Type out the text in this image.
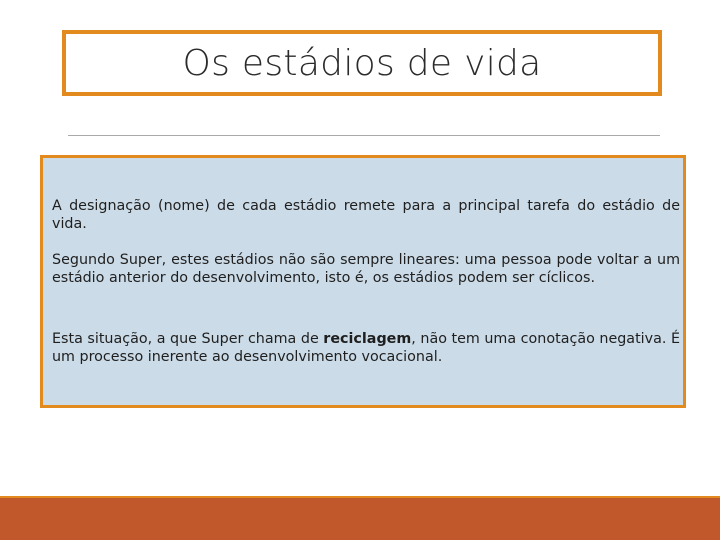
Os estádios de vida

A designação (nome) de cada estádio remete para a principal tarefa do estádio de vida.

Segundo Super, estes estádios não são sempre lineares: uma pessoa pode voltar a um estádio anterior do desenvolvimento, isto é, os estádios podem ser cíclicos.

Esta situação, a que Super chama de reciclagem, não tem uma conotação negativa. É um processo inerente ao desenvolvimento vocacional.
